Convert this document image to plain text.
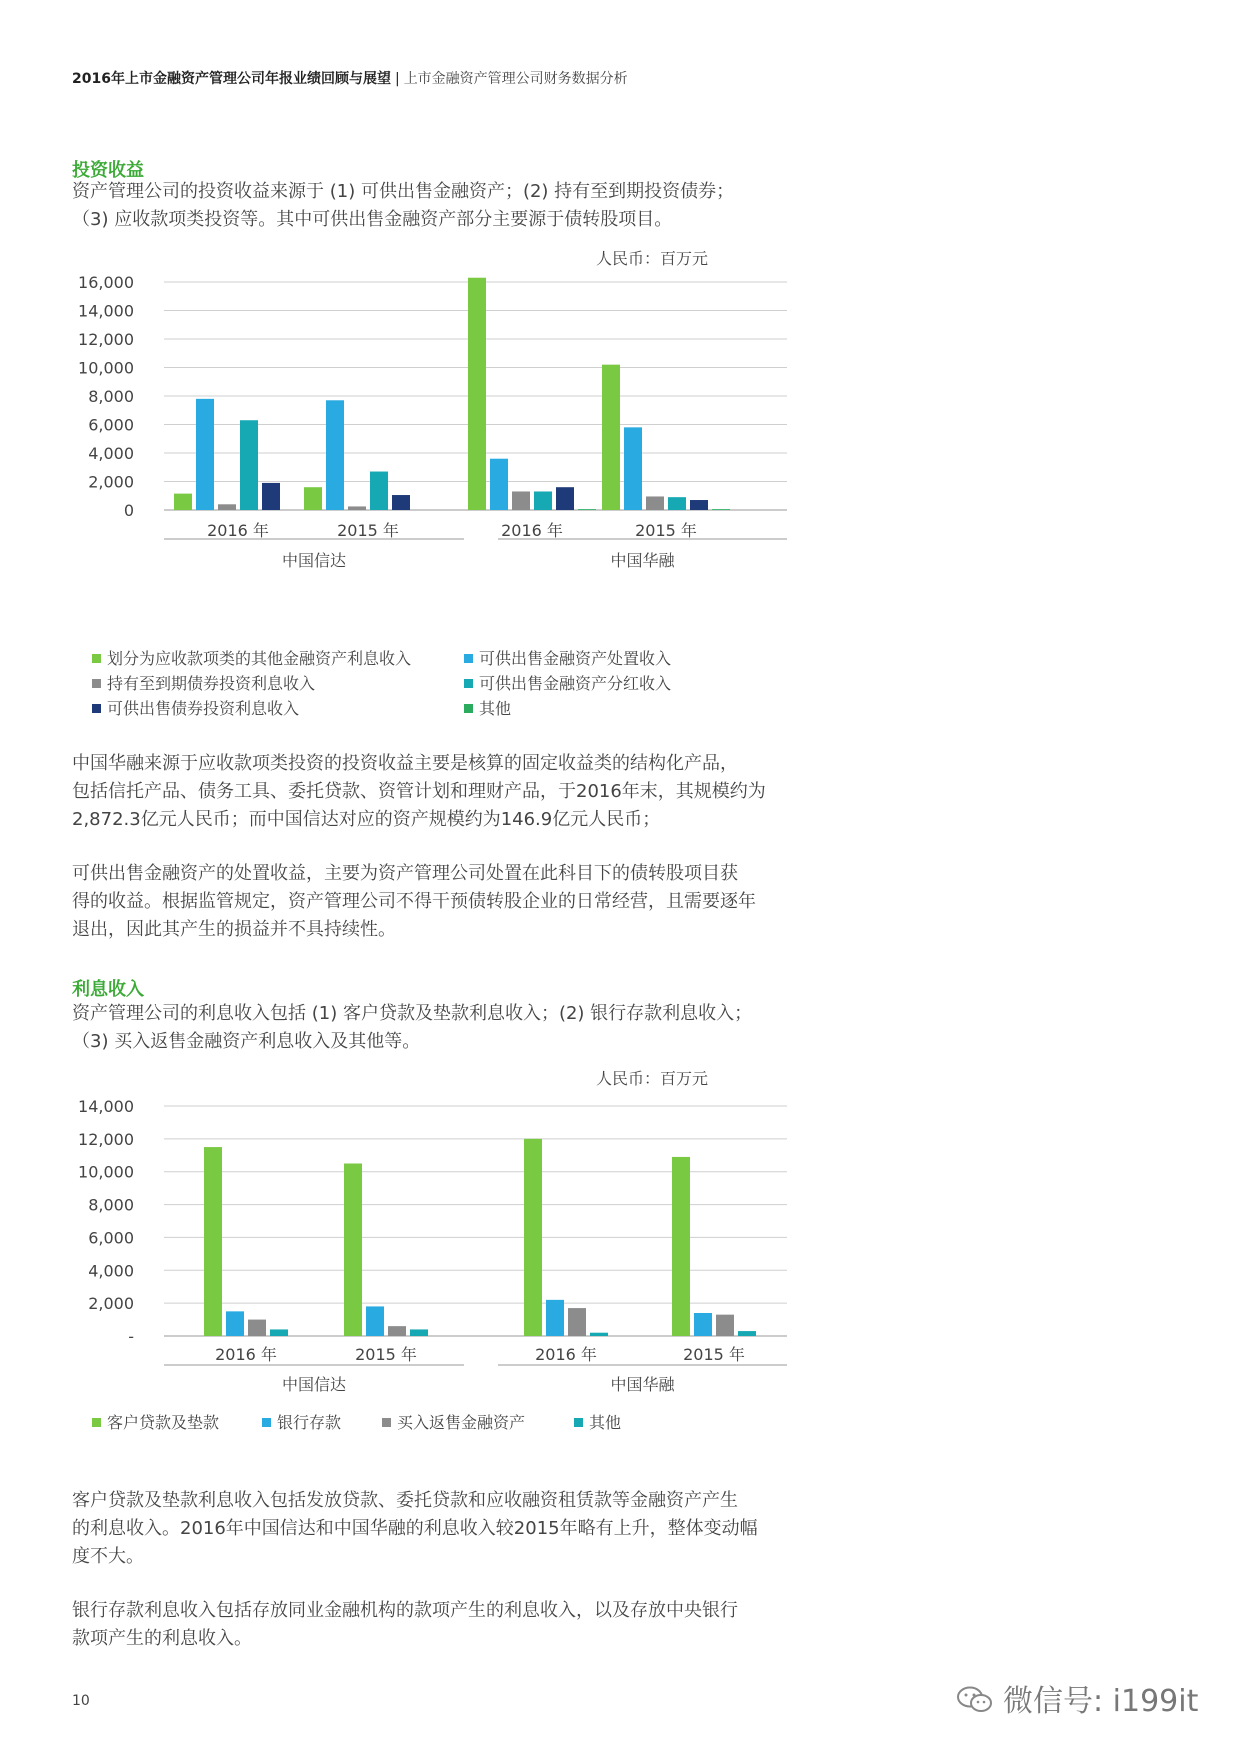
2016年上市金融资产管理公司年报业绩回顾与展望 | 上市金融资产管理公司财务数据分析
投资收益

资产管理公司的投资收益来源于 (1) 可供出售金融资产；(2) 持有至到期投资债券；

（3) 应收款项类投资等。其中可供出售金融资产部分主要源于债转股项目。

人民币：百万元
0
2,000
4,000
6,000
8,000
10,000
12,000
14,000
16,000
2016 年	2015 年	2016 年	2015 年
中国信达	中国华融
划分为应收款项类的其他金融资产利息收入	可供出售金融资产处置收入
持有至到期债券投资利息收入	可供出售金融资产分红收入
可供出售债券投资利息收入	其他

中国华融来源于应收款项类投资的投资收益主要是核算的固定收益类的结构化产品，

包括信托产品、债务工具、委托贷款、资管计划和理财产品，于2016年末，其规模约为

2,872.3亿元人民币；而中国信达对应的资产规模约为146.9亿元人民币；

可供出售金融资产的处置收益，主要为资产管理公司处置在此科目下的债转股项目获

得的收益。根据监管规定，资产管理公司不得干预债转股企业的日常经营，且需要逐年

退出，因此其产生的损益并不具持续性。

利息收入

资产管理公司的利息收入包括 (1) 客户贷款及垫款利息收入；(2) 银行存款利息收入；

（3) 买入返售金融资产利息收入及其他等。

人民币：百万元
-
2,000
4,000
6,000
8,000
10,000
12,000
14,000
2016 年	2015 年	2016 年	2015 年
中国信达	中国华融
客户贷款及垫款	银行存款	买入返售金融资产	其他

客户贷款及垫款利息收入包括发放贷款、委托贷款和应收融资租赁款等金融资产产生

的利息收入。2016年中国信达和中国华融的利息收入较2015年略有上升，整体变动幅

度不大。

银行存款利息收入包括存放同业金融机构的款项产生的利息收入，以及存放中央银行

款项产生的利息收入。

10	微信号: i199it
